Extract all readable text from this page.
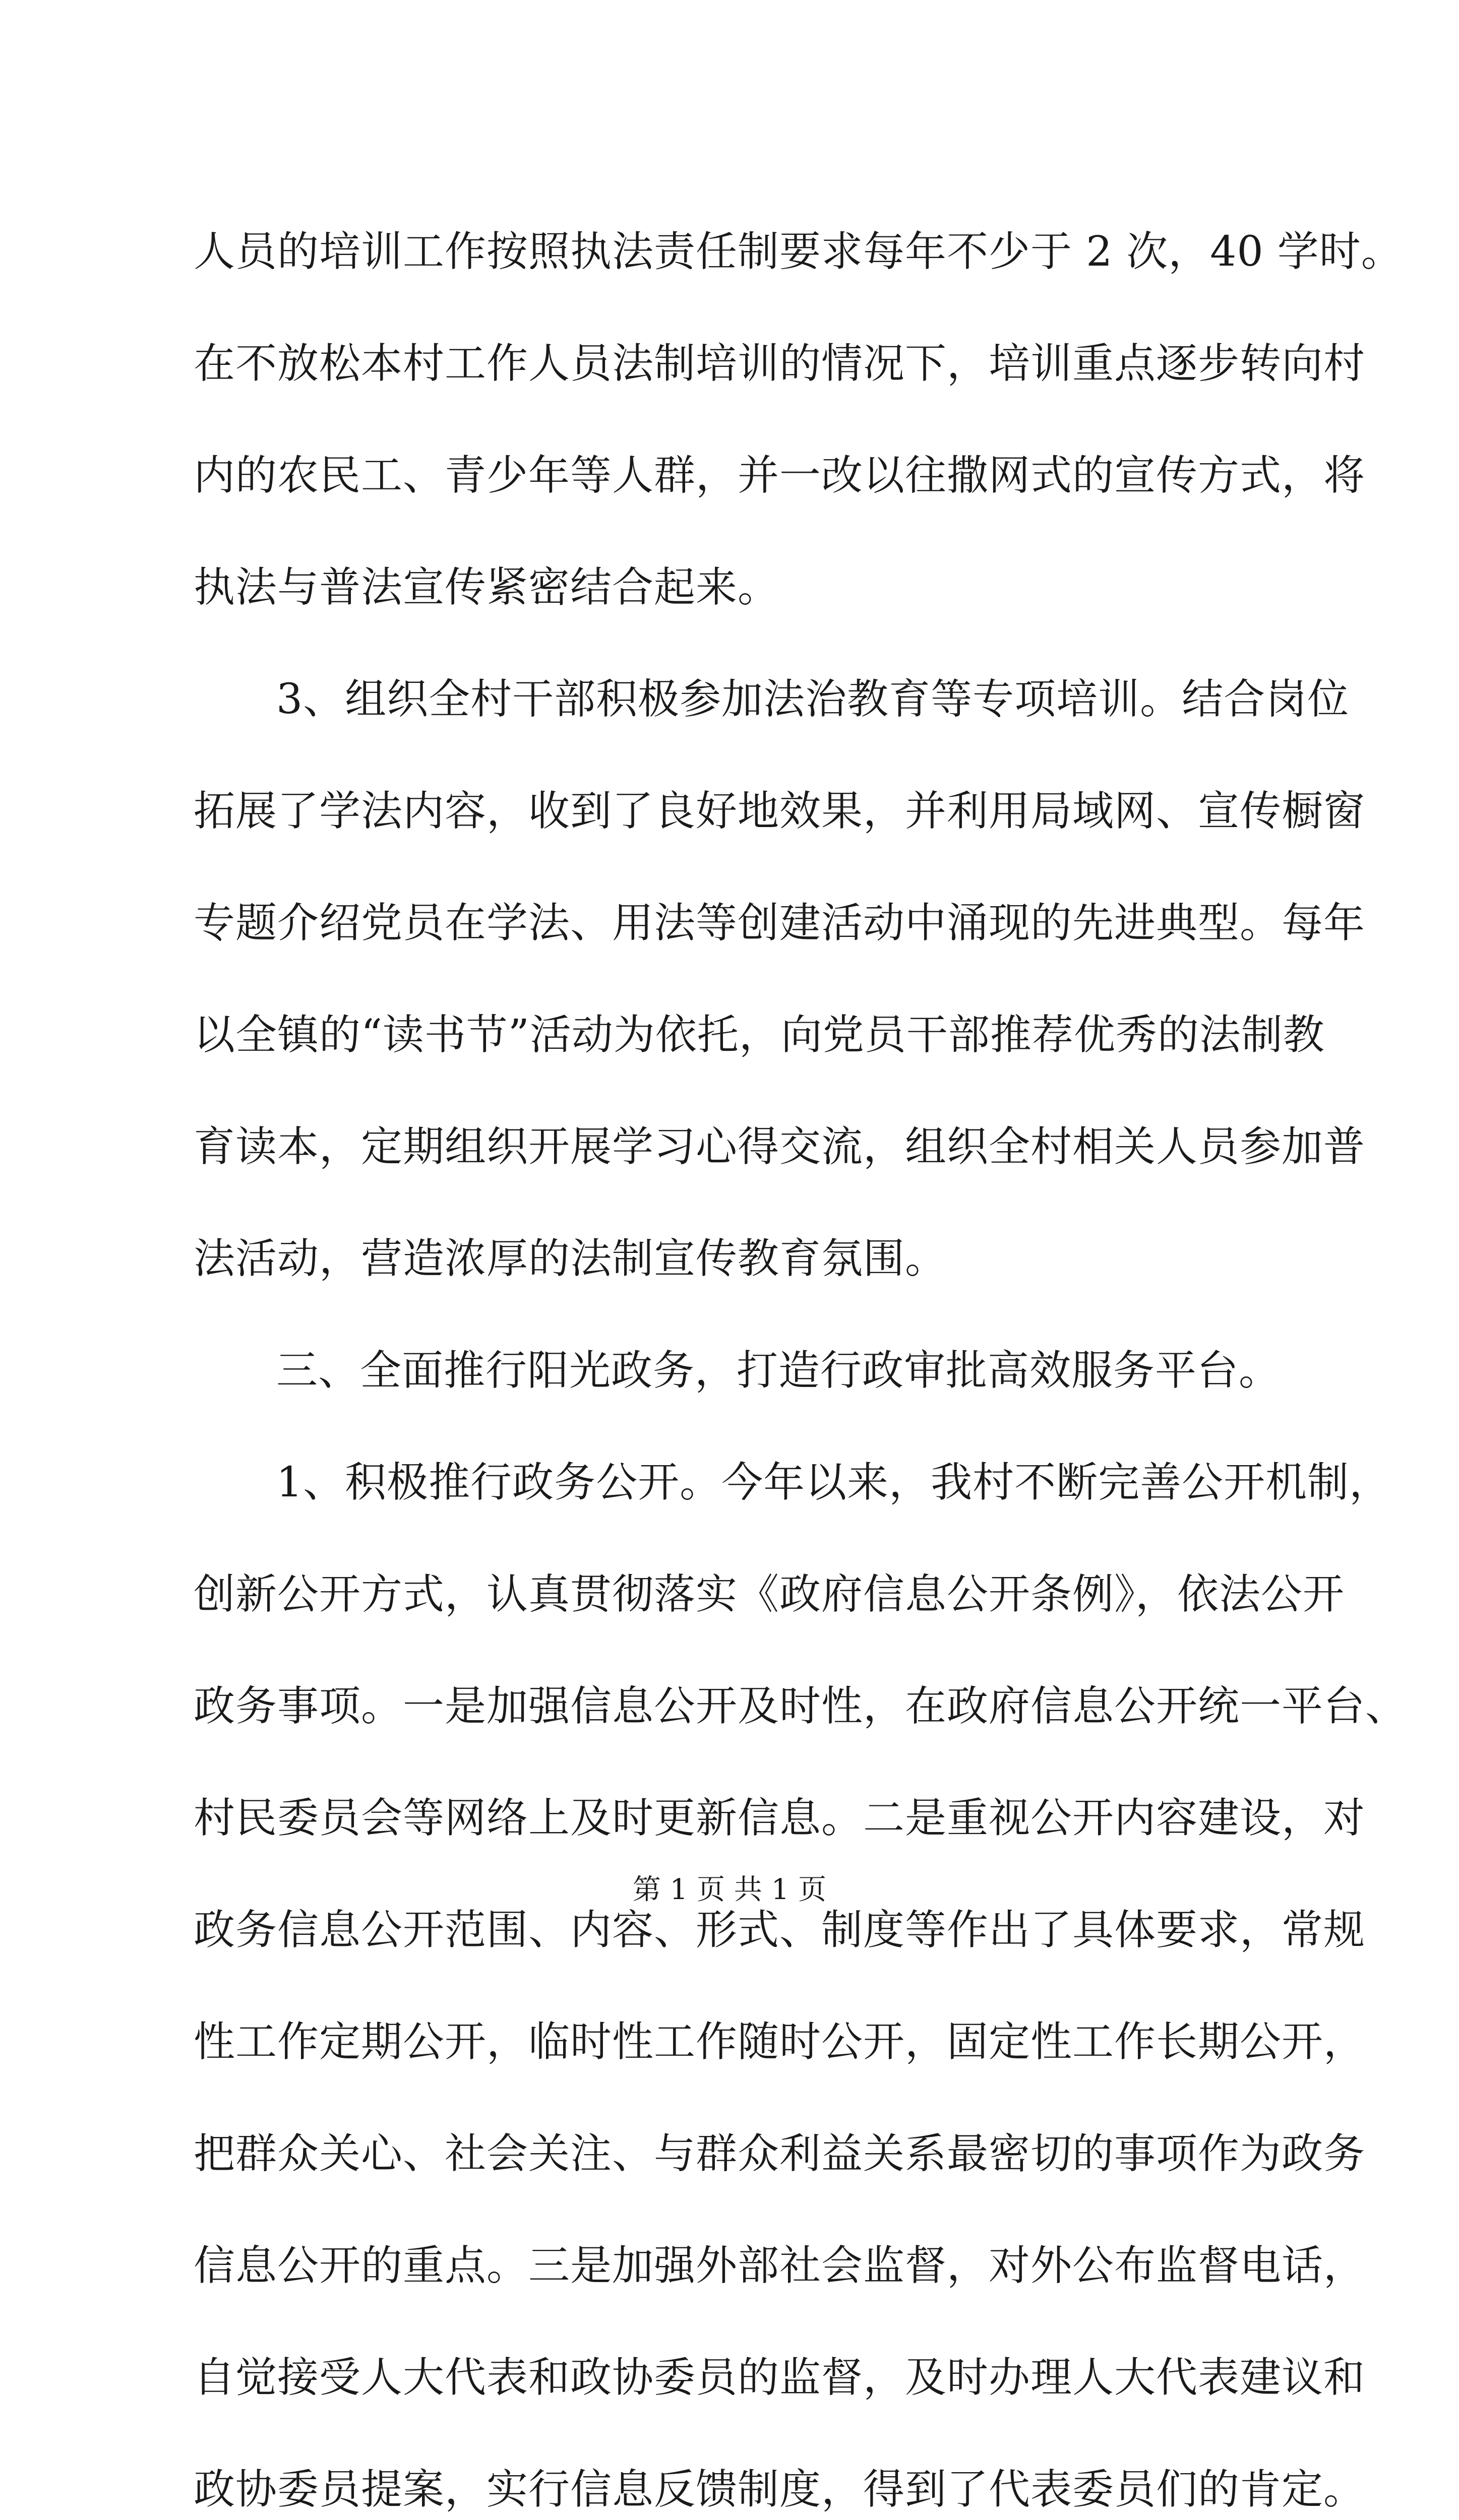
人员的培训工作按照执法责任制要求每年不少于 2 次，40 学时。
在不放松本村工作人员法制培训的情况下，培训重点逐步转向村
内的农民工、青少年等人群，并一改以往撒网式的宣传方式，将
执法与普法宣传紧密结合起来。
3、组织全村干部积极参加法治教育等专项培训。结合岗位
拓展了学法内容，收到了良好地效果，并利用局域网、宣传橱窗
专题介绍党员在学法、用法等创建活动中涌现的先进典型。每年
以全镇的“读书节”活动为依托，向党员干部推荐优秀的法制教
育读本，定期组织开展学习心得交流，组织全村相关人员参加普
法活动，营造浓厚的法制宣传教育氛围。
三、全面推行阳光政务，打造行政审批高效服务平台。
1、积极推行政务公开。今年以来，我村不断完善公开机制，
创新公开方式，认真贯彻落实《政府信息公开条例》，依法公开
政务事项。一是加强信息公开及时性，在政府信息公开统一平台、
村民委员会等网络上及时更新信息。二是重视公开内容建设，对
政务信息公开范围、内容、形式、制度等作出了具体要求，常规
性工作定期公开，临时性工作随时公开，固定性工作长期公开，
把群众关心、社会关注、与群众利益关系最密切的事项作为政务
信息公开的重点。三是加强外部社会监督，对外公布监督电话，
自觉接受人大代表和政协委员的监督，及时办理人大代表建议和
政协委员提案，实行信息反馈制度，得到了代表委员们的肯定。
第 1 页 共 1 页
